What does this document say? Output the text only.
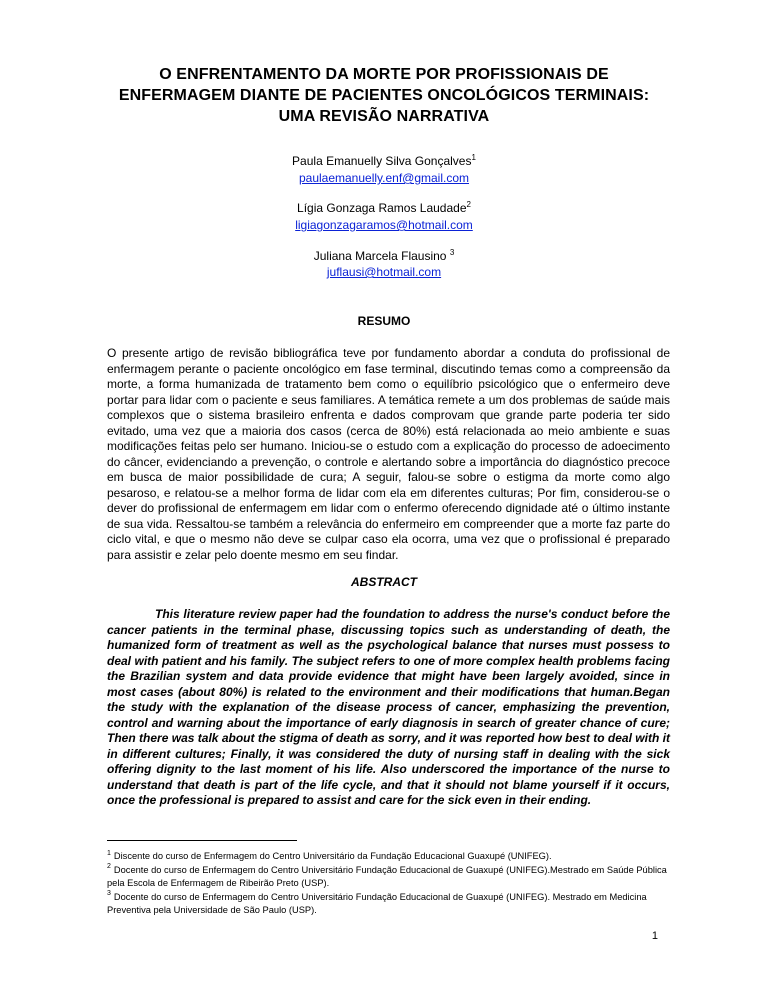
O ENFRENTAMENTO DA MORTE POR PROFISSIONAIS DE ENFERMAGEM DIANTE DE PACIENTES ONCOLÓGICOS TERMINAIS: UMA REVISÃO NARRATIVA
Paula Emanuelly Silva Gonçalves$^1$
paulaemanuelly.enf@gmail.com
Lígia Gonzaga Ramos Laudade$^2$
ligiagonzagaramos@hotmail.com
Juliana Marcela Flausino $^3$
juflausi@hotmail.com
RESUMO
O presente artigo de revisão bibliográfica teve por fundamento abordar a conduta do profissional de enfermagem perante o paciente oncológico em fase terminal, discutindo temas como a compreensão da morte, a forma humanizada de tratamento bem como o equilíbrio psicológico que o enfermeiro deve portar para lidar com o paciente e seus familiares. A temática remete a um dos problemas de saúde mais complexos que o sistema brasileiro enfrenta e dados comprovam que grande parte poderia ter sido evitado, uma vez que a maioria dos casos (cerca de 80%) está relacionada ao meio ambiente e suas modificações feitas pelo ser humano. Iniciou-se o estudo com a explicação do processo de adoecimento do câncer, evidenciando a prevenção, o controle e alertando sobre a importância do diagnóstico precoce em busca de maior possibilidade de cura; A seguir, falou-se sobre o estigma da morte como algo pesaroso, e relatou-se a melhor forma de lidar com ela em diferentes culturas; Por fim, considerou-se o dever do profissional de enfermagem em lidar com o enfermo oferecendo dignidade até o último instante de sua vida. Ressaltou-se também a relevância do enfermeiro em compreender que a morte faz parte do ciclo vital, e que o mesmo não deve se culpar caso ela ocorra, uma vez que o profissional é preparado para assistir e zelar pelo doente mesmo em seu findar.
ABSTRACT

This literature review paper had the foundation to address the nurse's conduct before the cancer patients in the terminal phase, discussing topics such as understanding of death, the humanized form of treatment as well as the psychological balance that nurses must possess to deal with patient and his family. The subject refers to one of more complex health problems facing the Brazilian system and data provide evidence that might have been largely avoided, since in most cases (about 80%) is related to the environment and their modifications that human.Began the study with the explanation of the disease process of cancer, emphasizing the prevention, control and warning about the importance of early diagnosis in search of greater chance of cure; Then there was talk about the stigma of death as sorry, and it was reported how best to deal with it in different cultures; Finally, it was considered the duty of nursing staff in dealing with the sick offering dignity to the last moment of his life. Also underscored the importance of the nurse to understand that death is part of the life cycle, and that it should not blame yourself if it occurs, once the professional is prepared to assist and care for the sick even in their ending.

$^1$ Discente do curso de Enfermagem do Centro Universitário da Fundação Educacional Guaxupé (UNIFEG).

$^2$ Docente do curso de Enfermagem do Centro Universitário Fundação Educacional de Guaxupé (UNIFEG).Mestrado em Saúde Pública pela Escola de Enfermagem de Ribeirão Preto (USP).

$^3$ Docente do curso de Enfermagem do Centro Universitário Fundação Educacional de Guaxupé (UNIFEG). Mestrado em Medicina Preventiva pela Universidade de São Paulo (USP).

1
